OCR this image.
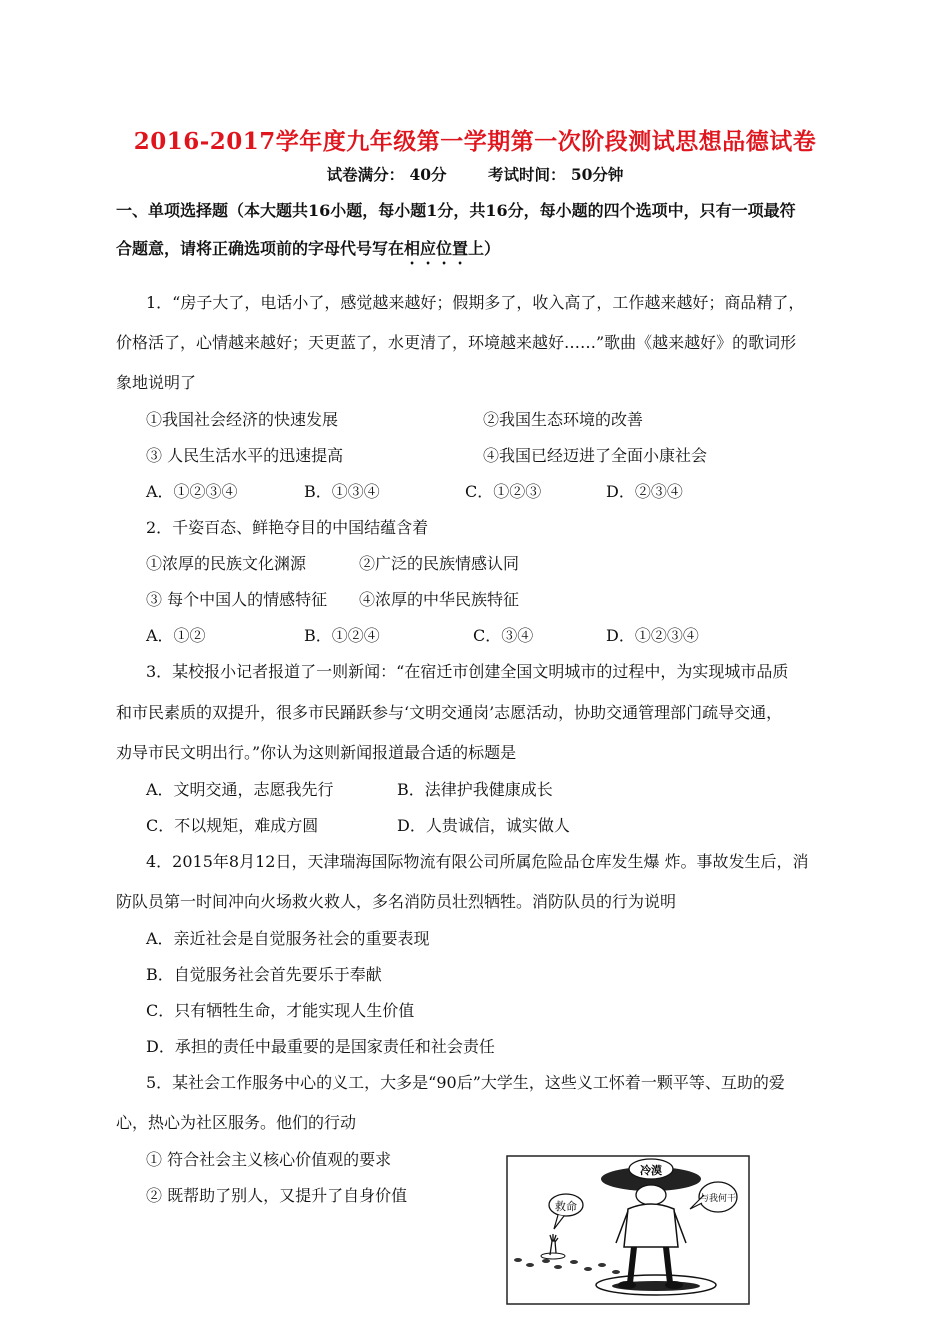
2016-2017学年度九年级第一学期第一次阶段测试思想品德试卷
试卷满分： 40分	考试时间： 50分钟
一、单项选择题（本大题共16小题，每小题1分，共16分，每小题的四个选项中，只有一项最符
合题意，请将正确选项前的字母代号写在相应位置上）
1．“房子大了，电话小了，感觉越来越好；假期多了，收入高了，工作越来越好；商品精了，
价格活了，心情越来越好；天更蓝了，水更清了，环境越来越好……”歌曲《越来越好》的歌词形
象地说明了
①我国社会经济的快速发展	②我国生态环境的改善
③ 人民生活水平的迅速提高	④我国已经迈进了全面小康社会
A．①②③④	B．①③④	C．①②③	D．②③④
2．千姿百态、鲜艳夺目的中国结蕴含着
①浓厚的民族文化渊源	②广泛的民族情感认同
③ 每个中国人的情感特征 ④浓厚的中华民族特征
A．①②	B．①②④	C．③④	D．①②③④
3．某校报小记者报道了一则新闻：“在宿迁市创建全国文明城市的过程中，为实现城市品质
和市民素质的双提升，很多市民踊跃参与‘文明交通岗’志愿活动，协助交通管理部门疏导交通，
劝导市民文明出行。”你认为这则新闻报道最合适的标题是
A．文明交通，志愿我先行	B．法律护我健康成长
C．不以规矩，难成方圆	D．人贵诚信，诚实做人
4．2015年8月12日，天津瑞海国际物流有限公司所属危险品仓库发生爆 炸。事故发生后，消
防队员第一时间冲向火场救火救人，多名消防员壮烈牺牲。消防队员的行为说明
A．亲近社会是自觉服务社会的重要表现
B．自觉服务社会首先要乐于奉献
C．只有牺牲生命，才能实现人生价值
D．承担的责任中最重要的是国家责任和社会责任
5．某社会工作服务中心的义工，大多是“90后”大学生，这些义工怀着一颗平等、互助的爱
心，热心为社区服务。他们的行动
① 符合社会主义核心价值观的要求
② 既帮助了别人，又提升了自身价值
救命
与我何干
冷漠
